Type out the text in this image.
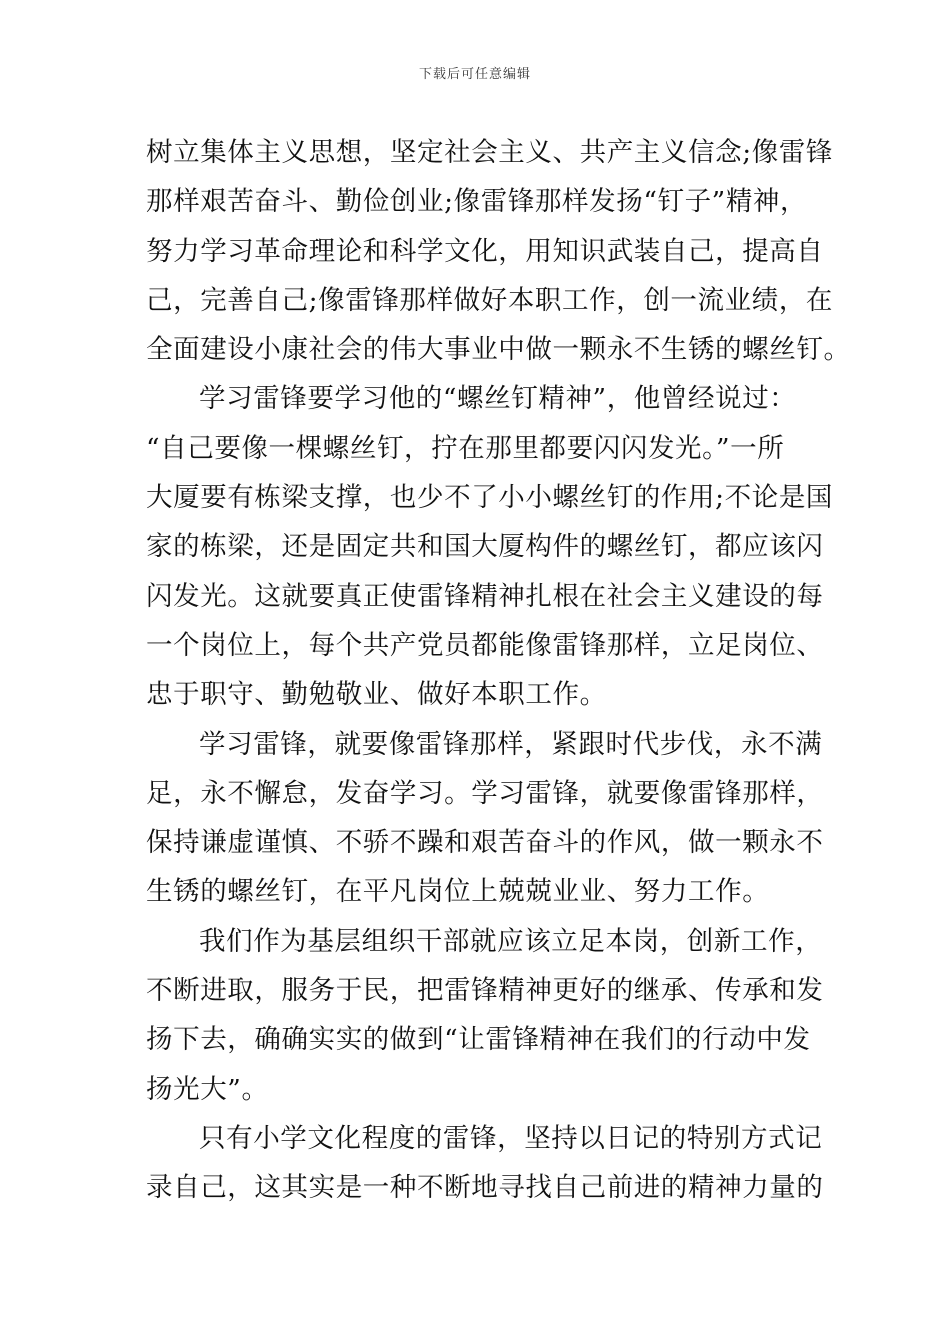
下载后可任意编辑
树立集体主义思想，坚定社会主义、共产主义信念;像雷锋
那样艰苦奋斗、勤俭创业;像雷锋那样发扬“钉子”精神，
努力学习革命理论和科学文化，用知识武装自己，提高自
己，完善自己;像雷锋那样做好本职工作，创一流业绩，在
全面建设小康社会的伟大事业中做一颗永不生锈的螺丝钉。
学习雷锋要学习他的“螺丝钉精神”，他曾经说过：
“自己要像一棵螺丝钉，拧在那里都要闪闪发光。”一所
大厦要有栋梁支撑，也少不了小小螺丝钉的作用;不论是国
家的栋梁，还是固定共和国大厦构件的螺丝钉，都应该闪
闪发光。这就要真正使雷锋精神扎根在社会主义建设的每
一个岗位上，每个共产党员都能像雷锋那样，立足岗位、
忠于职守、勤勉敬业、做好本职工作。
学习雷锋，就要像雷锋那样，紧跟时代步伐，永不满
足，永不懈怠，发奋学习。学习雷锋，就要像雷锋那样，
保持谦虚谨慎、不骄不躁和艰苦奋斗的作风，做一颗永不
生锈的螺丝钉，在平凡岗位上兢兢业业、努力工作。
我们作为基层组织干部就应该立足本岗，创新工作，
不断进取，服务于民，把雷锋精神更好的继承、传承和发
扬下去，确确实实的做到“让雷锋精神在我们的行动中发
扬光大”。
只有小学文化程度的雷锋，坚持以日记的特别方式记
录自己，这其实是一种不断地寻找自己前进的精神力量的
